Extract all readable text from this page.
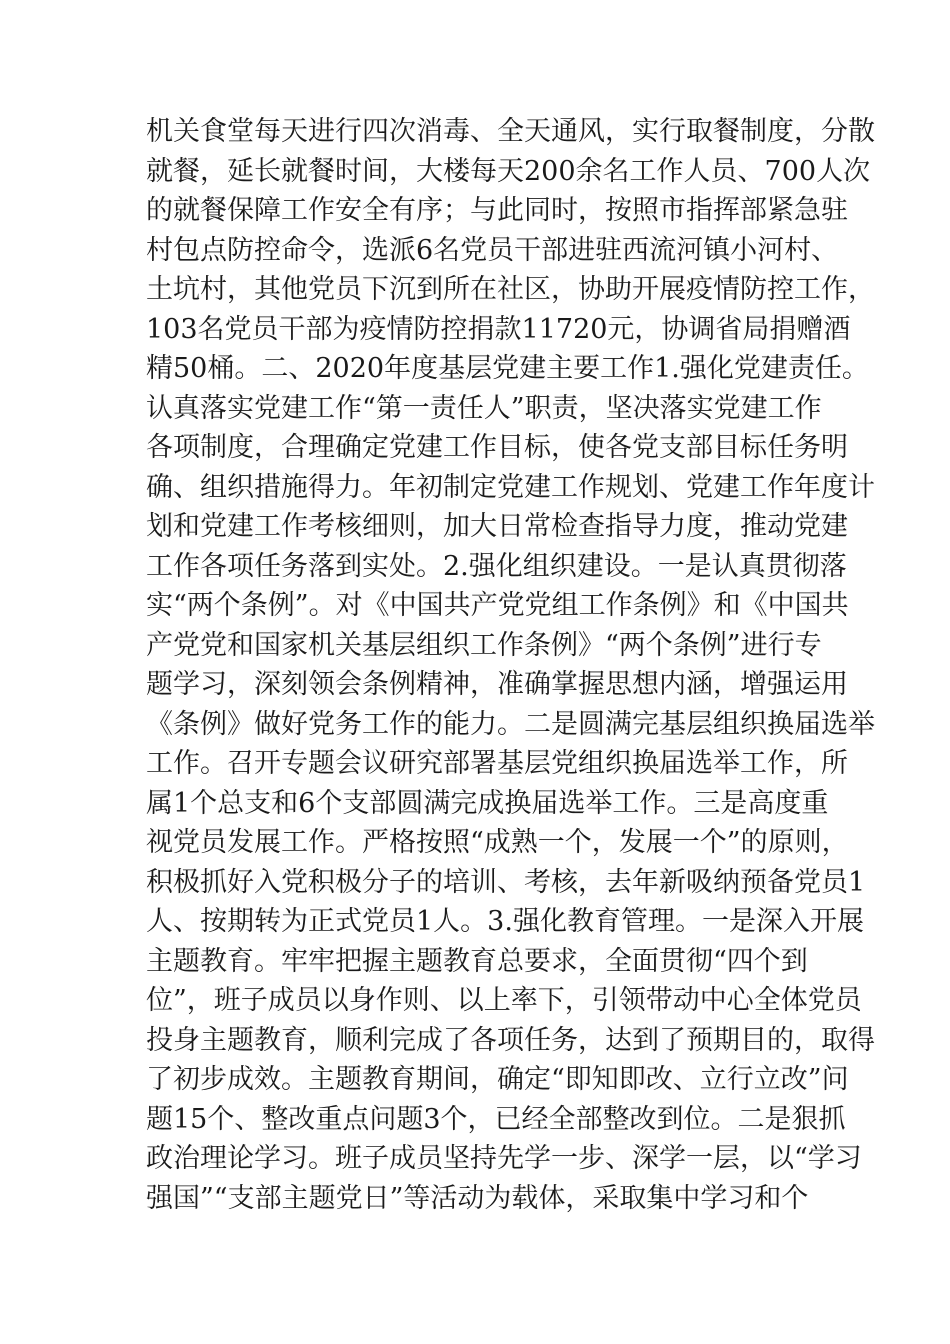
机关食堂每天进行四次消毒、全天通风，实行取餐制度，分散
就餐，延长就餐时间，大楼每天200余名工作人员、700人次
的就餐保障工作安全有序；与此同时，按照市指挥部紧急驻
村包点防控命令，选派6名党员干部进驻西流河镇小河村、
土坑村，其他党员下沉到所在社区，协助开展疫情防控工作，
103名党员干部为疫情防控捐款11720元，协调省局捐赠酒
精50桶。二、2020年度基层党建主要工作1.强化党建责任。
认真落实党建工作“第一责任人”职责，坚决落实党建工作
各项制度，合理确定党建工作目标，使各党支部目标任务明
确、组织措施得力。年初制定党建工作规划、党建工作年度计
划和党建工作考核细则，加大日常检查指导力度，推动党建
工作各项任务落到实处。2.强化组织建设。一是认真贯彻落
实“两个条例”。对《中国共产党党组工作条例》和《中国共
产党党和国家机关基层组织工作条例》“两个条例”进行专
题学习，深刻领会条例精神，准确掌握思想内涵，增强运用
《条例》做好党务工作的能力。二是圆满完基层组织换届选举
工作。召开专题会议研究部署基层党组织换届选举工作，所
属1个总支和6个支部圆满完成换届选举工作。三是高度重
视党员发展工作。严格按照“成熟一个，发展一个”的原则，
积极抓好入党积极分子的培训、考核，去年新吸纳预备党员1
人、按期转为正式党员1人。3.强化教育管理。一是深入开展
主题教育。牢牢把握主题教育总要求，全面贯彻“四个到
位”，班子成员以身作则、以上率下，引领带动中心全体党员
投身主题教育，顺利完成了各项任务，达到了预期目的，取得
了初步成效。主题教育期间，确定“即知即改、立行立改”问
题15个、整改重点问题3个，已经全部整改到位。二是狠抓
政治理论学习。班子成员坚持先学一步、深学一层，以“学习
强国”“支部主题党日”等活动为载体，采取集中学习和个
